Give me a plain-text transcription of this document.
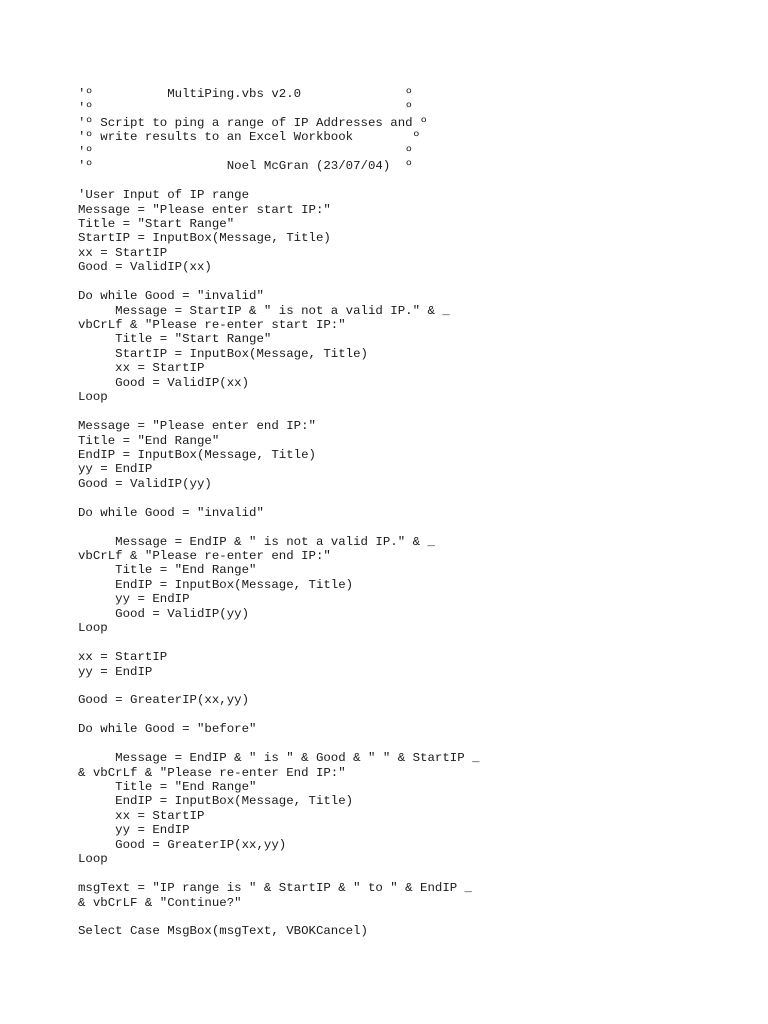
'º          MultiPing.vbs v2.0              º
'º                                          º
'º Script to ping a range of IP Addresses and º
'º write results to an Excel Workbook        º
'º                                          º
'º                  Noel McGran (23/07/04)  º
'User Input of IP range
Message = "Please enter start IP:"
Title = "Start Range"
StartIP = InputBox(Message, Title)
xx = StartIP
Good = ValidIP(xx)
Do while Good = "invalid"
Message = StartIP & " is not a valid IP." & _
vbCrLf & "Please re-enter start IP:"
Title = "Start Range"
StartIP = InputBox(Message, Title)
xx = StartIP
Good = ValidIP(xx)
Loop
Message = "Please enter end IP:"
Title = "End Range"
EndIP = InputBox(Message, Title)
yy = EndIP
Good = ValidIP(yy)
Do while Good = "invalid"
Message = EndIP & " is not a valid IP." & _
vbCrLf & "Please re-enter end IP:"
Title = "End Range"
EndIP = InputBox(Message, Title)
yy = EndIP
Good = ValidIP(yy)
Loop
xx = StartIP
yy = EndIP
Good = GreaterIP(xx,yy)
Do while Good = "before"
Message = EndIP & " is " & Good & " " & StartIP _
& vbCrLf & "Please re-enter End IP:"
Title = "End Range"
EndIP = InputBox(Message, Title)
xx = StartIP
yy = EndIP
Good = GreaterIP(xx,yy)
Loop
msgText = "IP range is " & StartIP & " to " & EndIP _
& vbCrLF & "Continue?"
Select Case MsgBox(msgText, VBOKCancel)
